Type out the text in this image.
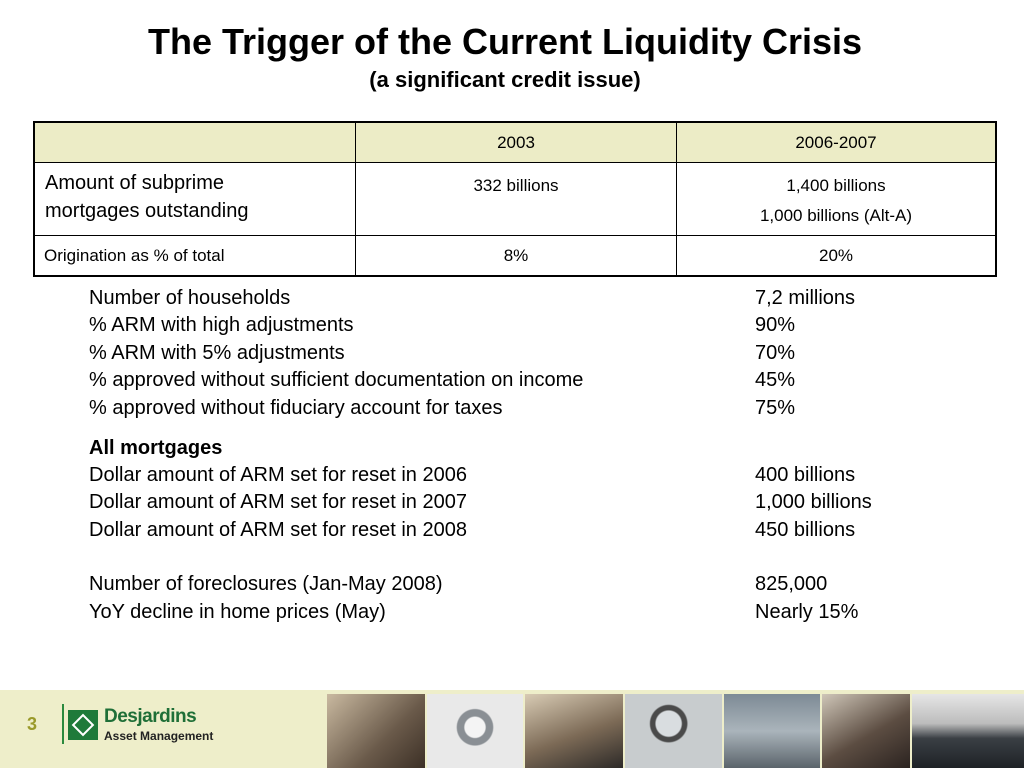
The Trigger of the Current Liquidity Crisis
(a significant credit issue)
	2003	2006-2007

Amount of subprime mortgages outstanding	332 billions	1,400 billions
1,000 billions (Alt-A)

Origination as % of total	8%	20%
Number of households	7,2 millions
% ARM with high adjustments	90%
% ARM with 5% adjustments	70%
% approved without sufficient documentation on income	45%
% approved without fiduciary account for taxes	75%
All mortgages
Dollar amount of ARM set for reset in 2006	400 billions
Dollar amount of ARM set for reset in 2007	1,000 billions
Dollar amount of ARM set for reset in 2008	450 billions
Number of foreclosures (Jan-May 2008)	825,000
YoY decline in home prices (May)	Nearly 15%
3	Desjardins
Asset Management
